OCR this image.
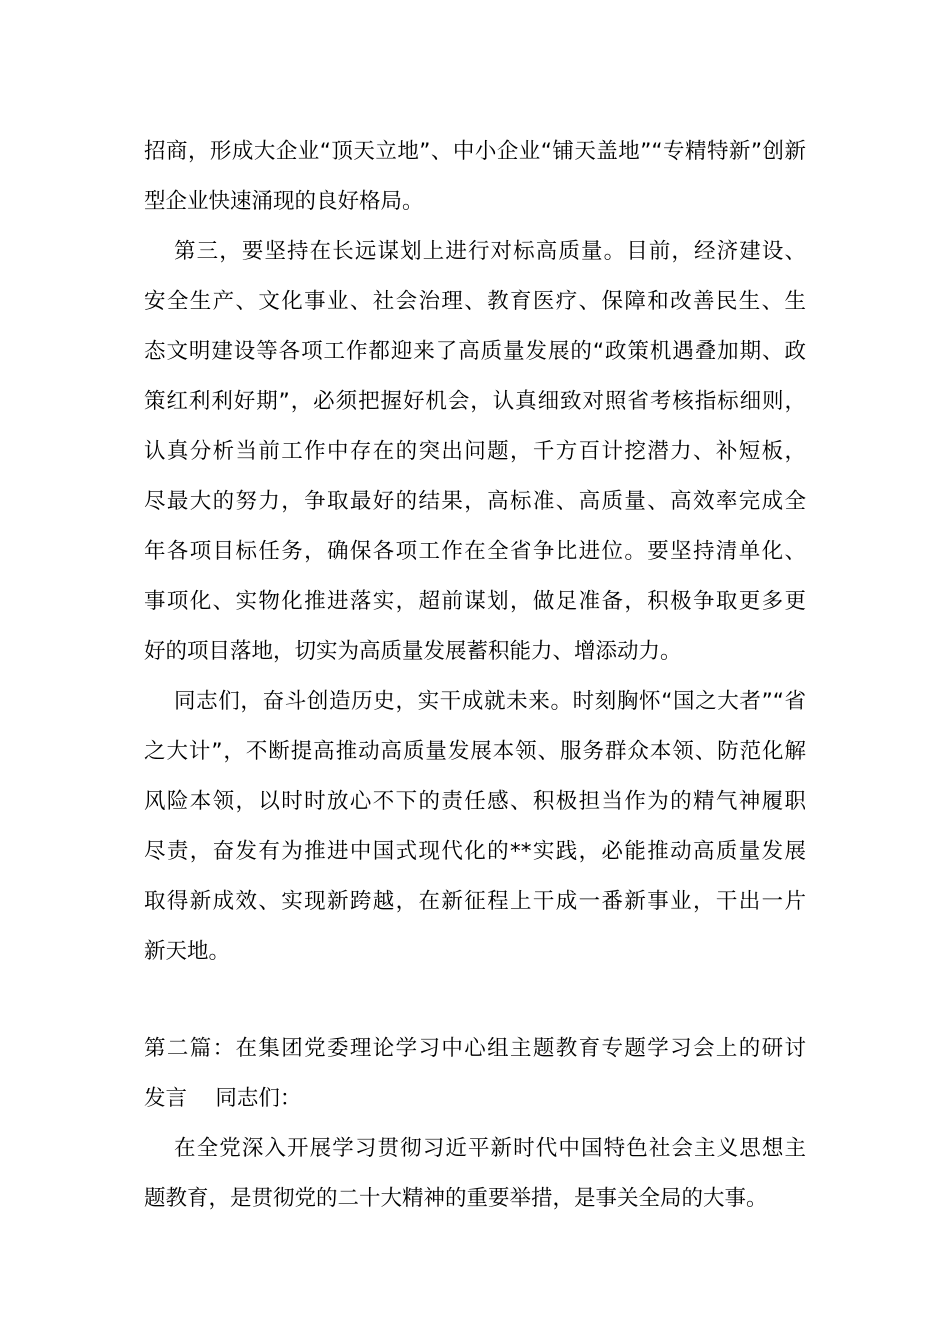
招商，形成大企业“顶天立地”、中小企业“铺天盖地”“专精特新”创新
型企业快速涌现的良好格局。
第三，要坚持在长远谋划上进行对标高质量。目前，经济建设、
安全生产、文化事业、社会治理、教育医疗、保障和改善民生、生
态文明建设等各项工作都迎来了高质量发展的“政策机遇叠加期、政
策红利利好期”，必须把握好机会，认真细致对照省考核指标细则，
认真分析当前工作中存在的突出问题，千方百计挖潜力、补短板，
尽最大的努力，争取最好的结果，高标准、高质量、高效率完成全
年各项目标任务，确保各项工作在全省争比进位。要坚持清单化、
事项化、实物化推进落实，超前谋划，做足准备，积极争取更多更
好的项目落地，切实为高质量发展蓄积能力、增添动力。
同志们，奋斗创造历史，实干成就未来。时刻胸怀“国之大者”“省
之大计”，不断提高推动高质量发展本领、服务群众本领、防范化解
风险本领，以时时放心不下的责任感、积极担当作为的精气神履职
尽责，奋发有为推进中国式现代化的**实践，必能推动高质量发展
取得新成效、实现新跨越，在新征程上干成一番新事业，干出一片
新天地。
第二篇：在集团党委理论学习中心组主题教育专题学习会上的研讨
发言　 同志们：
在全党深入开展学习贯彻习近平新时代中国特色社会主义思想主
题教育，是贯彻党的二十大精神的重要举措，是事关全局的大事。
